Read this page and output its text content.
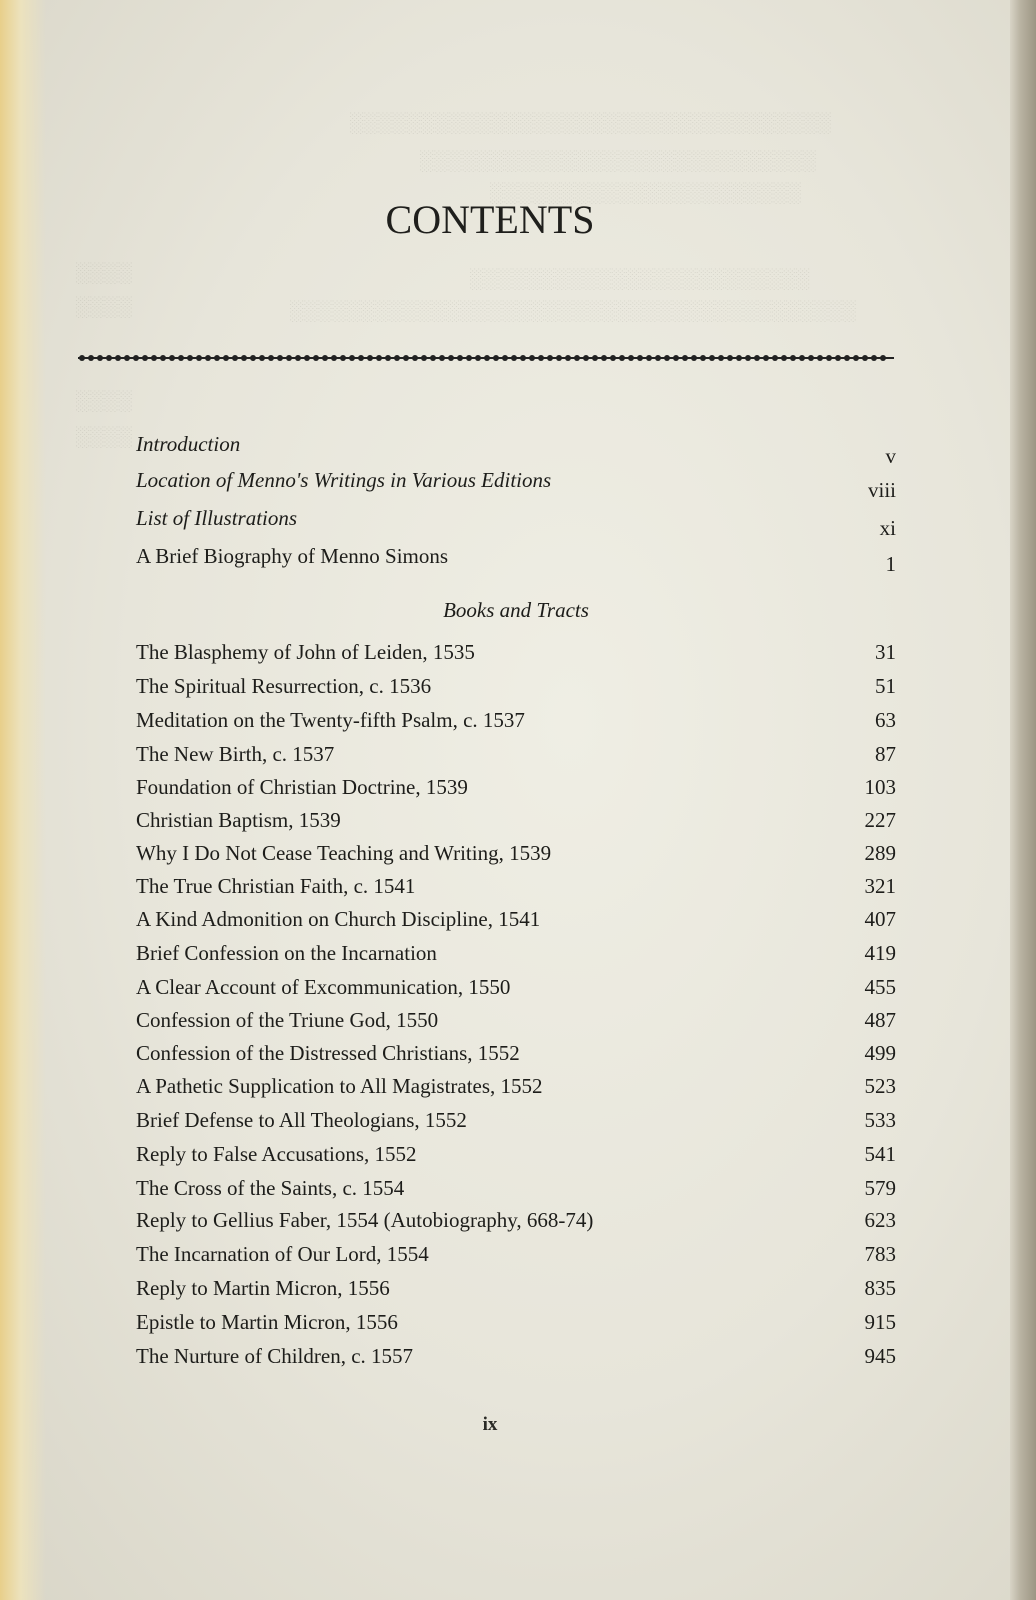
░░░░░░░░░░░░░░░░░░░░░░░░░░░░░░░░░░
░░░░░░░░░░░░░░░░░░░░░░░░░░░░
░░░░░░░░░░░░░░░░░░░░░░
░░░░░░░░░░░░░░░░░░░░░░░░
░░░░░░░░░░░░░░░░░░░░░░░░░░░░░░░░░░░░░░░░
░░░░
░░░░
░░░░
░░░░
CONTENTS
Introduction	v
Location of Menno's Writings in Various Editions	viii
List of Illustrations	xi
A Brief Biography of Menno Simons	1
Books and Tracts
The Blasphemy of John of Leiden, 1535	31
The Spiritual Resurrection, c. 1536	51
Meditation on the Twenty-fifth Psalm, c. 1537	63
The New Birth, c. 1537	87
Foundation of Christian Doctrine, 1539	103
Christian Baptism, 1539	227
Why I Do Not Cease Teaching and Writing, 1539	289
The True Christian Faith, c. 1541	321
A Kind Admonition on Church Discipline, 1541	407
Brief Confession on the Incarnation	419
A Clear Account of Excommunication, 1550	455
Confession of the Triune God, 1550	487
Confession of the Distressed Christians, 1552	499
A Pathetic Supplication to All Magistrates, 1552	523
Brief Defense to All Theologians, 1552	533
Reply to False Accusations, 1552	541
The Cross of the Saints, c. 1554	579
Reply to Gellius Faber, 1554 (Autobiography, 668-74)	623
The Incarnation of Our Lord, 1554	783
Reply to Martin Micron, 1556	835
Epistle to Martin Micron, 1556	915
The Nurture of Children, c. 1557	945
ix
